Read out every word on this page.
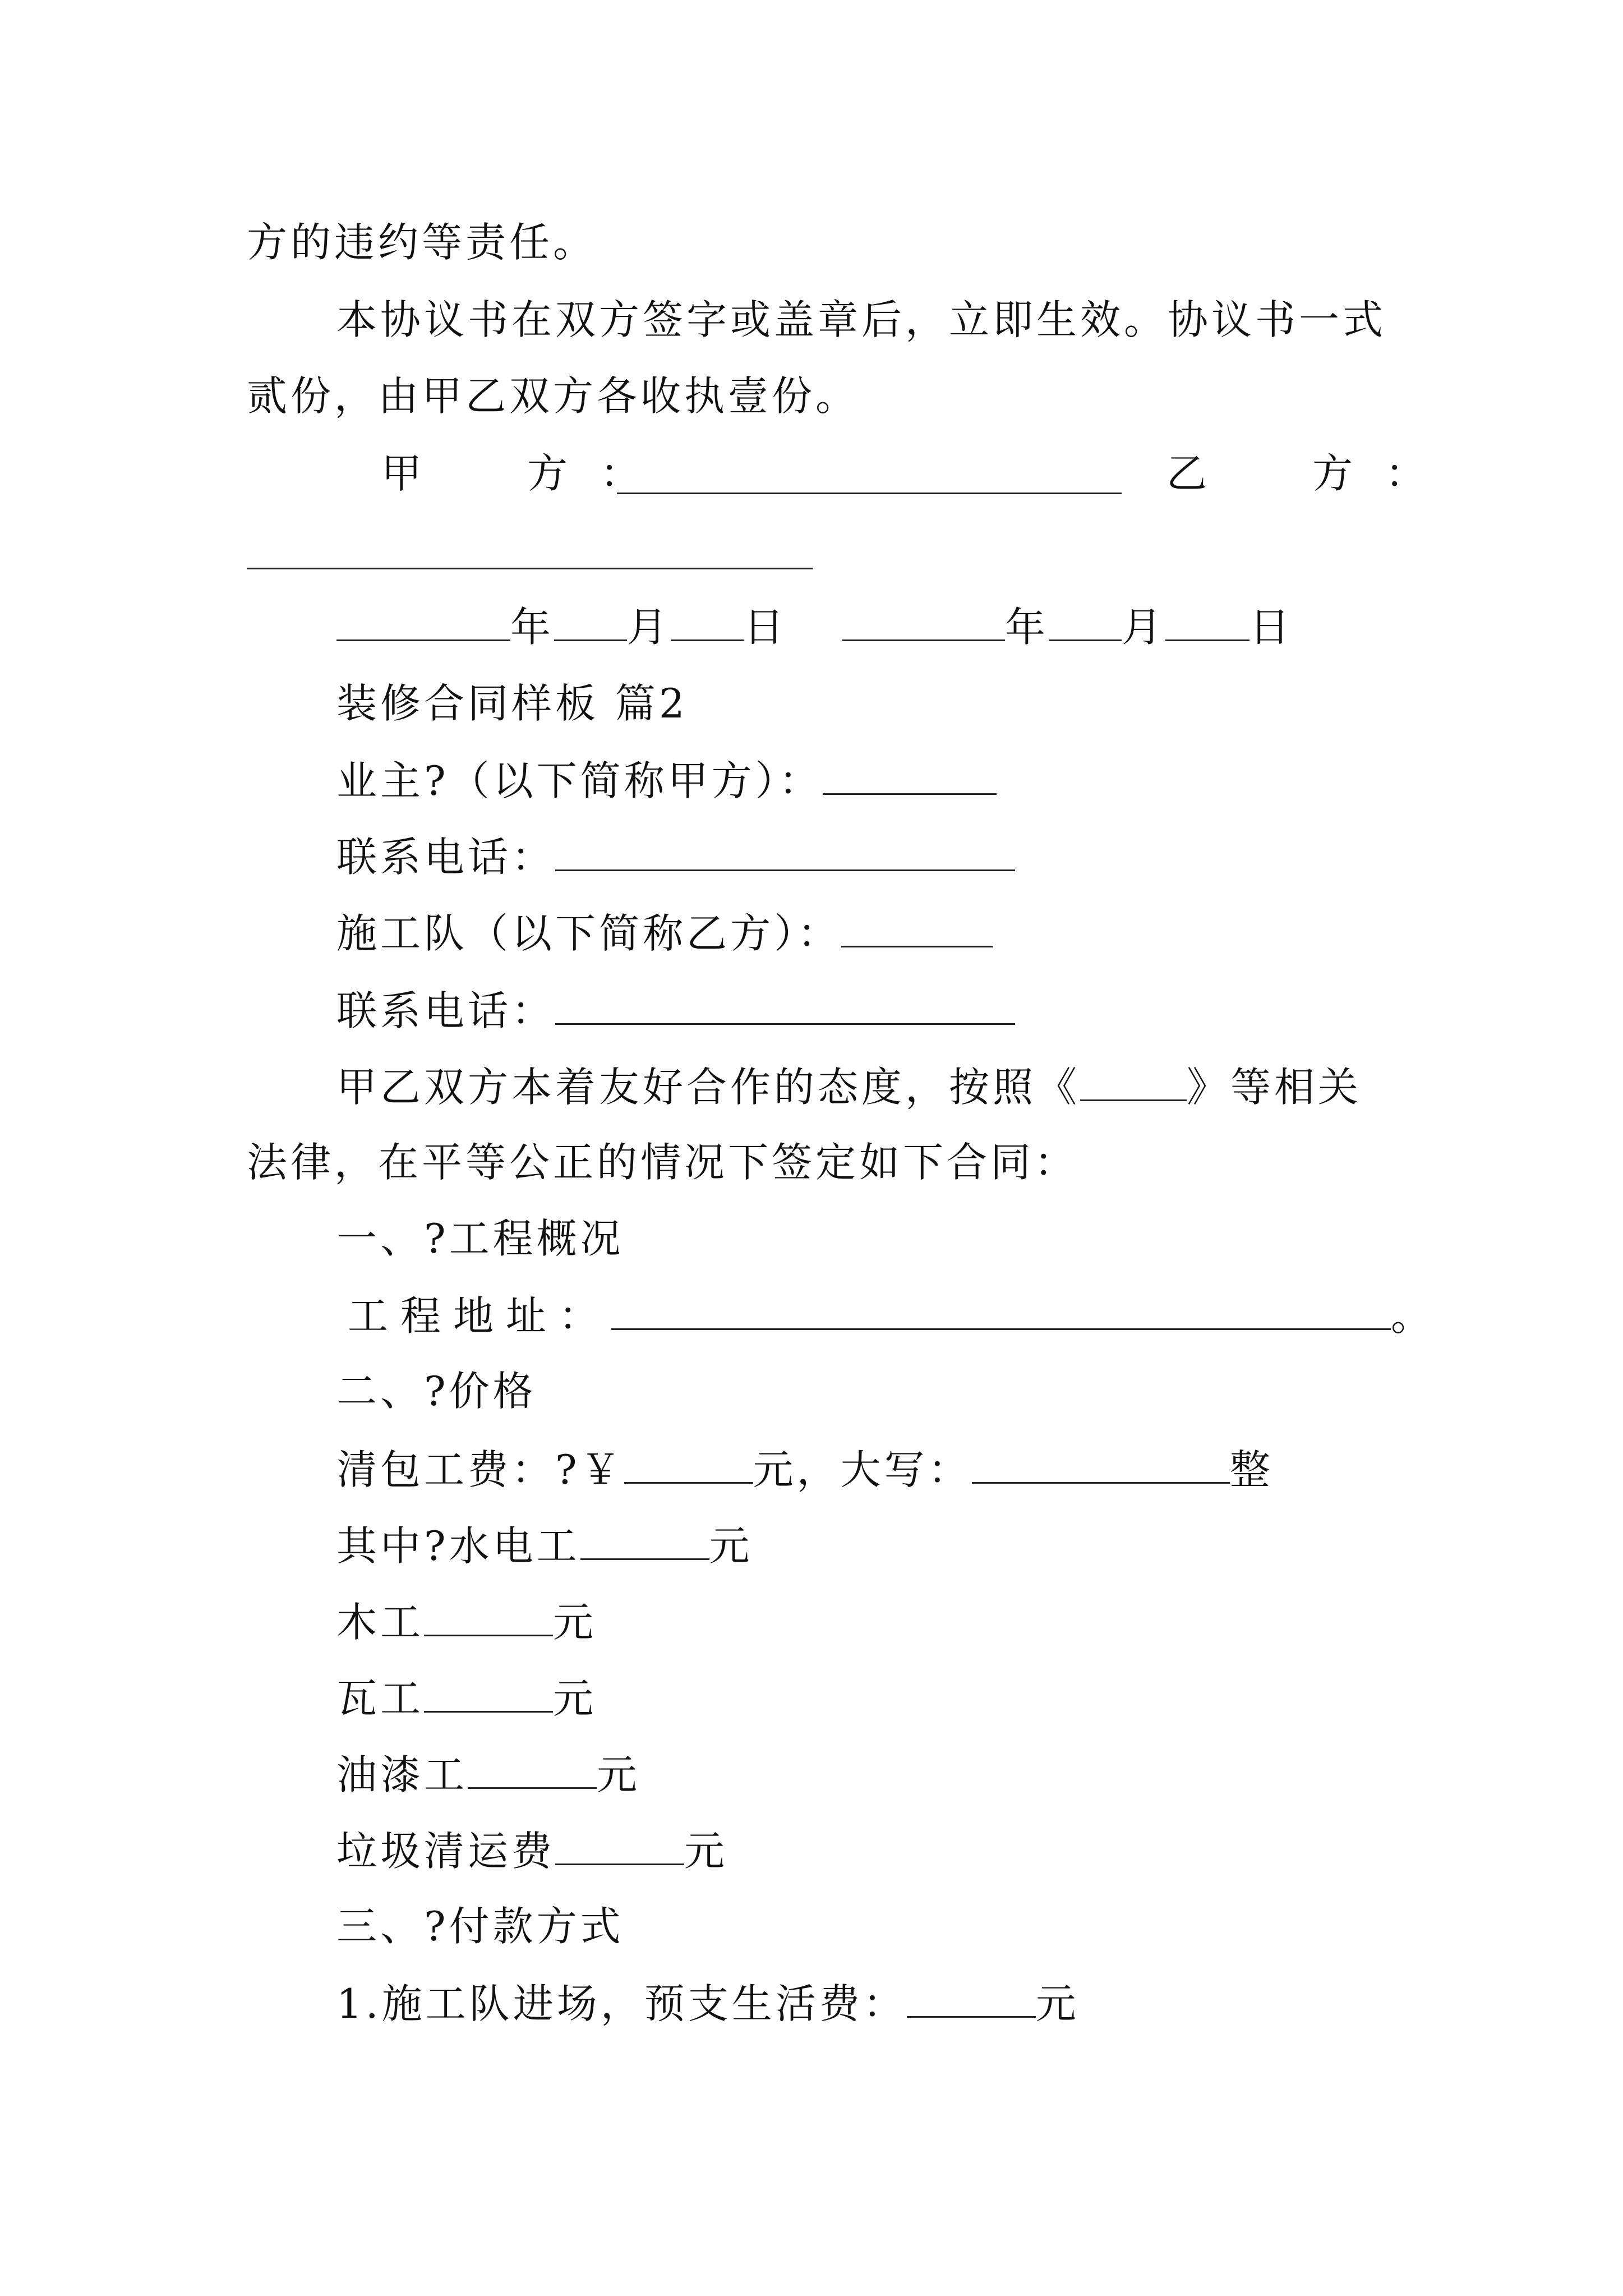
方的违约等责任。
本协议书在双方签字或盖章后，立即生效。协议书一式
贰份，由甲乙双方各收执壹份。
甲　方：	乙　方：
年 月 日	年 月 日
装修合同样板 篇2
业主?（以下简称甲方）：
联系电话：
施工队（以下简称乙方）：
联系电话：
甲乙双方本着友好合作的态度，按照《	》等相关
法律，在平等公正的情况下签定如下合同：
一、?工程概况
工程地址：	。
二、?价格
清包工费：?￥	元，大写：	整
其中?水电工	元
木工	元
瓦工	元
油漆工	元
垃圾清运费	元
三、?付款方式
1.施工队进场，预支生活费：	元
